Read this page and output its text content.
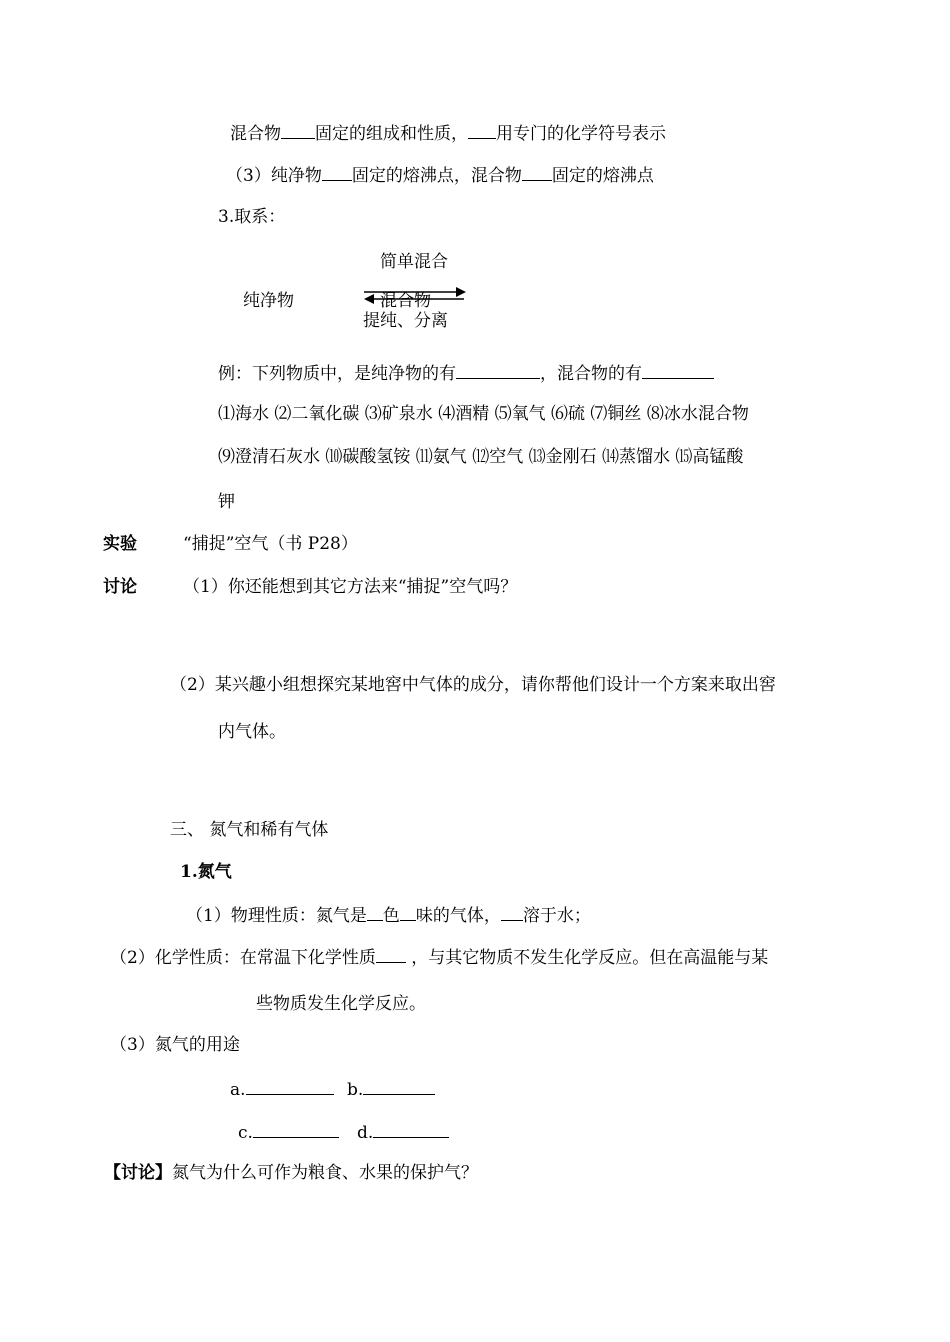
混合物 固定的组成和性质， 用专门的化学符号表示
（3）纯净物 固定的熔沸点，混合物 固定的熔沸点
3.取系：
简单混合
纯净物	混合物
提纯、分离
例：下列物质中，是纯净物的有	，混合物的有
⑴海水 ⑵二氧化碳 ⑶矿泉水 ⑷酒精 ⑸氧气 ⑹硫 ⑺铜丝 ⑻冰水混合物
⑼澄清石灰水 ⑽碳酸氢铵 ⑾氨气 ⑿空气 ⒀金刚石 ⒁蒸馏水 ⒂高锰酸
钾
实验	“捕捉”空气（书 P28）
讨论	（1）你还能想到其它方法来“捕捉”空气吗？
（2）某兴趣小组想探究某地窖中气体的成分，请你帮他们设计一个方案来取出窖
内气体。
三、 氮气和稀有气体
1.氮气
（1）物理性质：氮气是 色 味的气体， 溶于水；
（2）化学性质：在常温下化学性质 ，与其它物质不发生化学反应。但在高温能与某
些物质发生化学反应。
（3）氮气的用途
a.	b.
c.	d.
【讨论】氮气为什么可作为粮食、水果的保护气？
